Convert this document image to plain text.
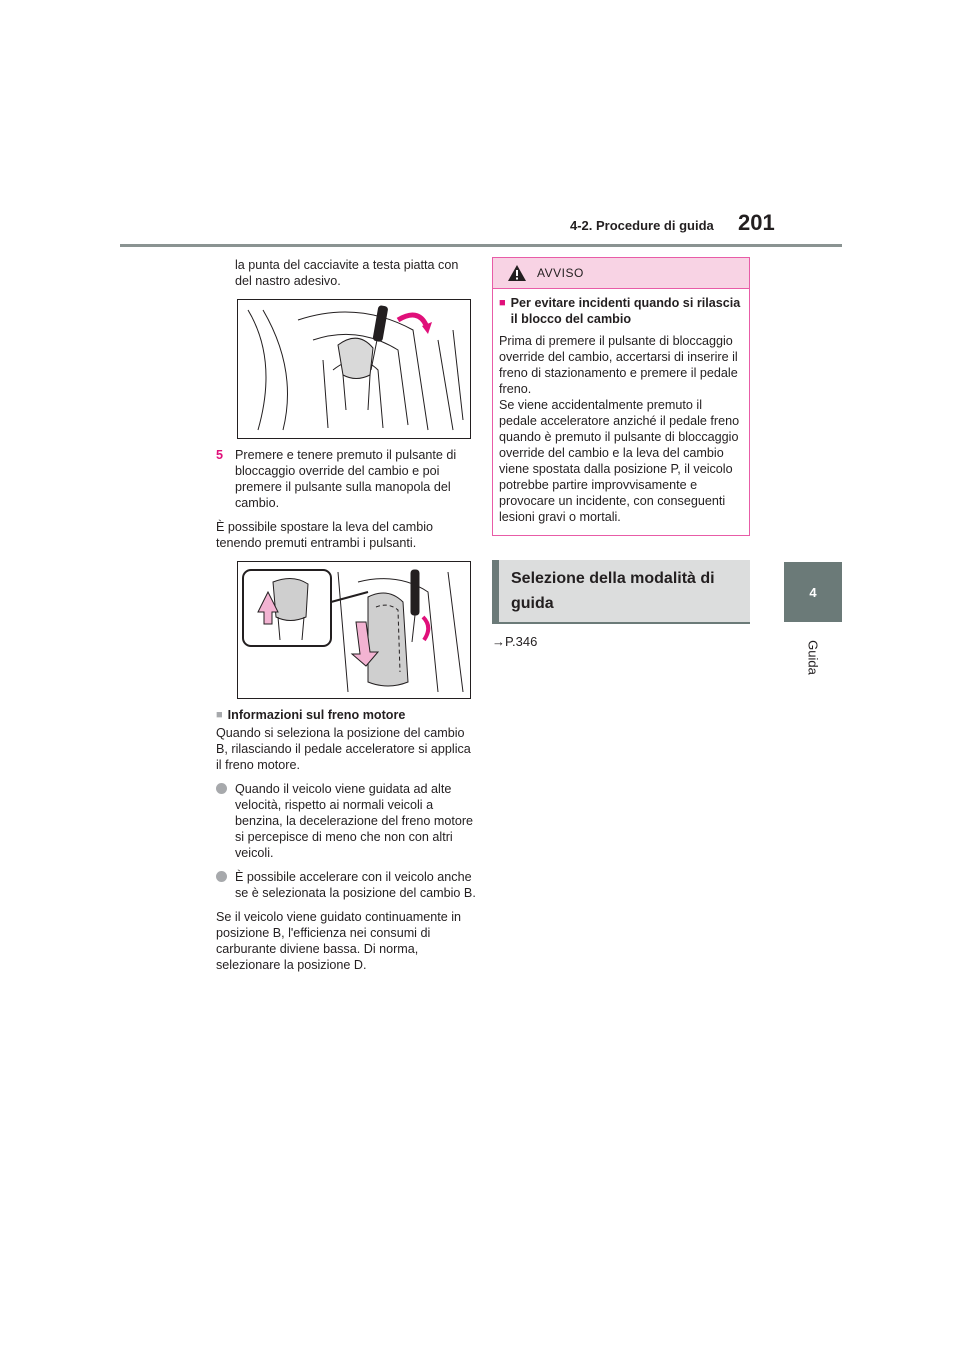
4-2. Procedure di guida 201
4
Guida

la punta del cacciavite a testa piatta con del nastro adesivo.

5 Premere e tenere premuto il pulsante di bloccaggio override del cambio e poi premere il pulsante sulla manopola del cambio.

È possibile spostare la leva del cambio tenendo premuti entrambi i pulsanti.

■ Informazioni sul freno motore

Quando si seleziona la posizione del cambio B, rilasciando il pedale acceleratore si applica il freno motore.

Quando il veicolo viene guidata ad alte velocità, rispetto ai normali veicoli a benzina, la decelerazione del freno motore si percepisce di meno che non con altri veicoli.
È possibile accelerare con il veicolo anche se è selezionata la posizione del cambio B.

Se il veicolo viene guidato continuamente in posizione B, l'efficienza nei consumi di carburante diviene bassa. Di norma, selezionare la posizione D.

AVVISO
■ Per evitare incidenti quando si rilascia il blocco del cambio

Prima di premere il pulsante di bloccaggio override del cambio, accertarsi di inserire il freno di stazionamento e premere il pedale freno.

Se viene accidentalmente premuto il pedale acceleratore anziché il pedale freno quando è premuto il pulsante di bloccaggio override del cambio e la leva del cambio viene spostata dalla posizione P, il veicolo potrebbe partire improvvisamente e provocare un incidente, con conseguenti lesioni gravi o mortali.

Selezione della modalità di guida

→P.346
